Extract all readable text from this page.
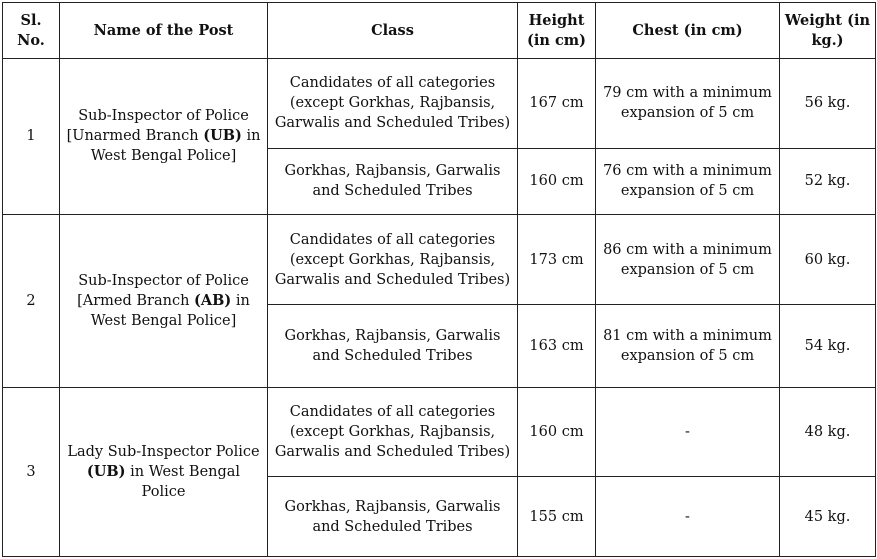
Sl. No.	Name of the Post	Class	Height (in cm)	Chest (in cm)	Weight (in kg.)
1	Sub-Inspector of Police [Unarmed Branch (UB) in West Bengal Police]	Candidates of all categories (except Gorkhas, Rajbansis, Garwalis and Scheduled Tribes)	167 cm	79 cm with a minimum expansion of 5 cm	56 kg.
		Gorkhas, Rajbansis, Garwalis and Scheduled Tribes	160 cm	76 cm with a minimum expansion of 5 cm	52 kg.
2	Sub-Inspector of Police [Armed Branch (AB) in West Bengal Police]	Candidates of all categories (except Gorkhas, Rajbansis, Garwalis and Scheduled Tribes)	173 cm	86 cm with a minimum expansion of 5 cm	60 kg.
		Gorkhas, Rajbansis, Garwalis and Scheduled Tribes	163 cm	81 cm with a minimum expansion of 5 cm	54 kg.
3	Lady Sub-Inspector Police (UB) in West Bengal Police	Candidates of all categories (except Gorkhas, Rajbansis, Garwalis and Scheduled Tribes)	160 cm	-	48 kg.
		Gorkhas, Rajbansis, Garwalis and Scheduled Tribes	155 cm	-	45 kg.
